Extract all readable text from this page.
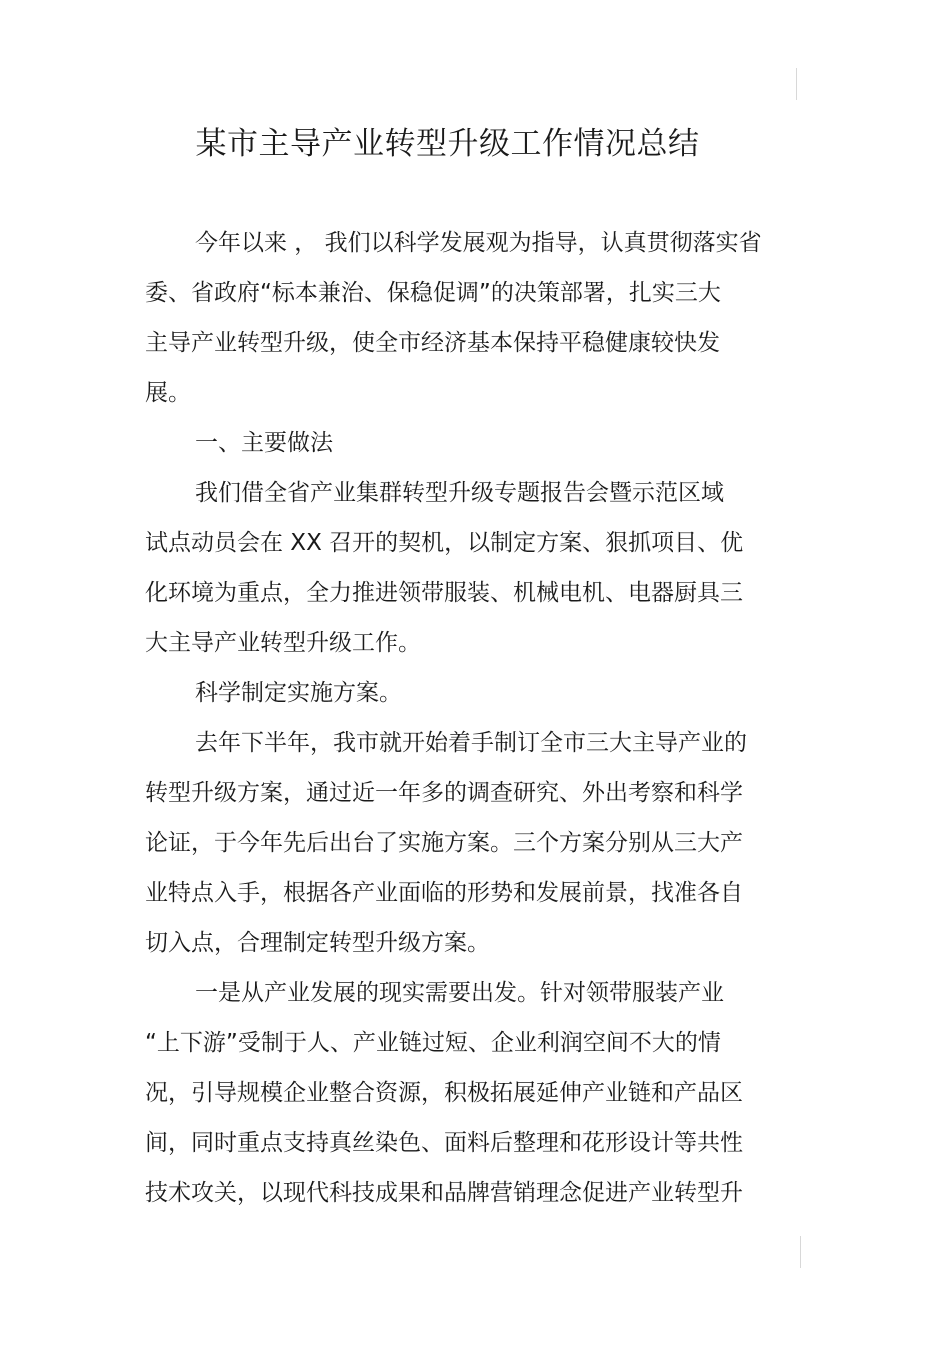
某市主导产业转型升级工作情况总结
今年以来 ， 我们以科学发展观为指导，认真贯彻落实省
委、省政府“标本兼治、保稳促调”的决策部署，扎实三大
主导产业转型升级，使全市经济基本保持平稳健康较快发
展。
一、主要做法
我们借全省产业集群转型升级专题报告会暨示范区域
试点动员会在 XX 召开的契机，以制定方案、狠抓项目、优
化环境为重点，全力推进领带服装、机械电机、电器厨具三
大主导产业转型升级工作。
科学制定实施方案。
去年下半年，我市就开始着手制订全市三大主导产业的
转型升级方案，通过近一年多的调查研究、外出考察和科学
论证，于今年先后出台了实施方案。三个方案分别从三大产
业特点入手，根据各产业面临的形势和发展前景，找准各自
切入点，合理制定转型升级方案。
一是从产业发展的现实需要出发。针对领带服装产业
“上下游”受制于人、产业链过短、企业利润空间不大的情
况，引导规模企业整合资源，积极拓展延伸产业链和产品区
间，同时重点支持真丝染色、面料后整理和花形设计等共性
技术攻关，以现代科技成果和品牌营销理念促进产业转型升
